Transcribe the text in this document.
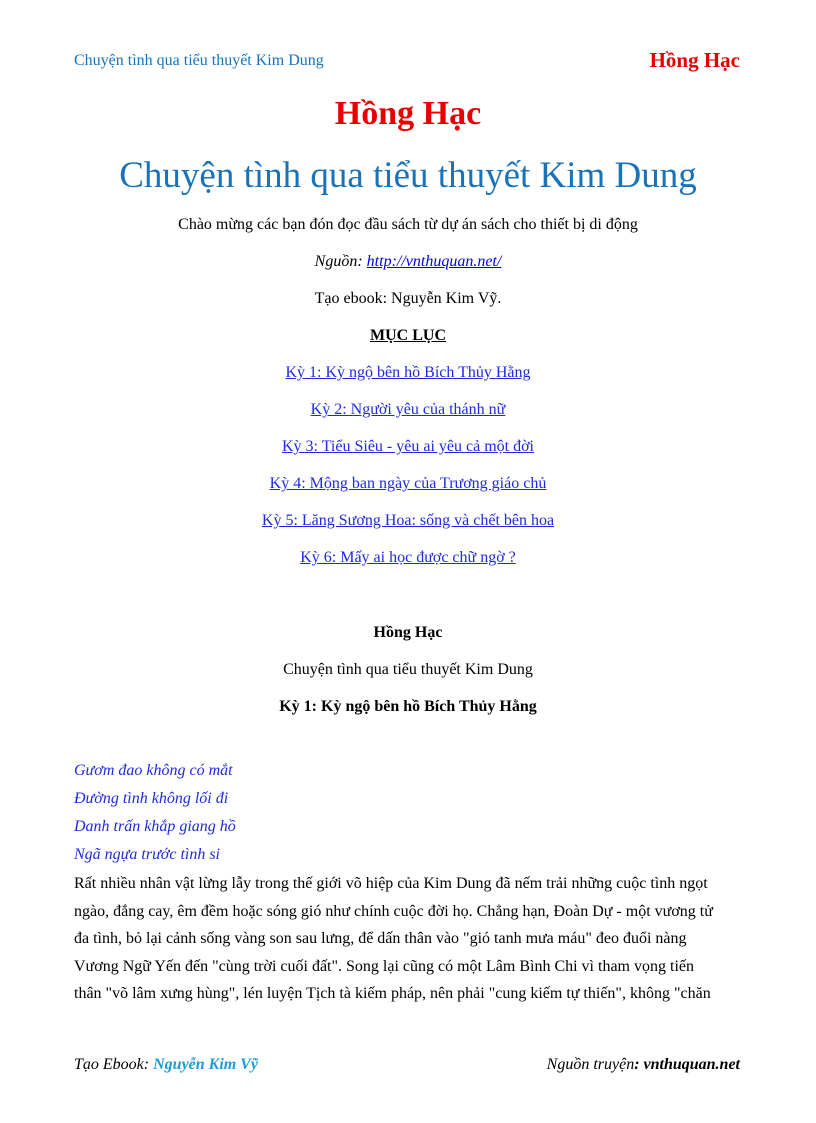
Chuyện tình qua tiểu thuyết Kim Dung	Hồng Hạc
Hồng Hạc
Chuyện tình qua tiểu thuyết Kim Dung
Chào mừng các bạn đón đọc đầu sách từ dự án sách cho thiết bị di động
Nguồn: http://vnthuquan.net/
Tạo ebook: Nguyễn Kim Vỹ.
MỤC LỤC
Kỳ 1: Kỳ ngộ bên hồ Bích Thủy Hằng
Kỳ 2: Người yêu của thánh nữ
Kỳ 3: Tiểu Siêu - yêu ai yêu cả một đời
Kỳ 4: Mộng ban ngày của Trương giáo chủ
Kỳ 5: Lăng Sương Hoa: sống và chết bên hoa
Kỳ 6: Mấy ai học được chữ ngờ ?
Hồng Hạc
Chuyện tình qua tiểu thuyết Kim Dung
Kỳ 1: Kỳ ngộ bên hồ Bích Thủy Hằng
Gươm đao không có mắt
Đường tình không lối đi
Danh trấn khắp giang hồ
Ngã ngựa trước tình si

Rất nhiều nhân vật lừng lẫy trong thế giới võ hiệp của Kim Dung đã nếm trải những cuộc tình ngọt

ngào, đắng cay, êm đềm hoặc sóng gió như chính cuộc đời họ. Chẳng hạn, Đoàn Dự - một vương tử

đa tình, bỏ lại cảnh sống vàng son sau lưng, để dấn thân vào "gió tanh mưa máu" đeo đuổi nàng

Vương Ngữ Yến đến "cùng trời cuối đất". Song lại cũng có một Lâm Bình Chi vì tham vọng tiến

thân "võ lâm xưng hùng", lén luyện Tịch tà kiếm pháp, nên phải "cung kiếm tự thiến", không "chăn

Tạo Ebook: Nguyễn Kim Vỹ	Nguồn truyện: vnthuquan.net
